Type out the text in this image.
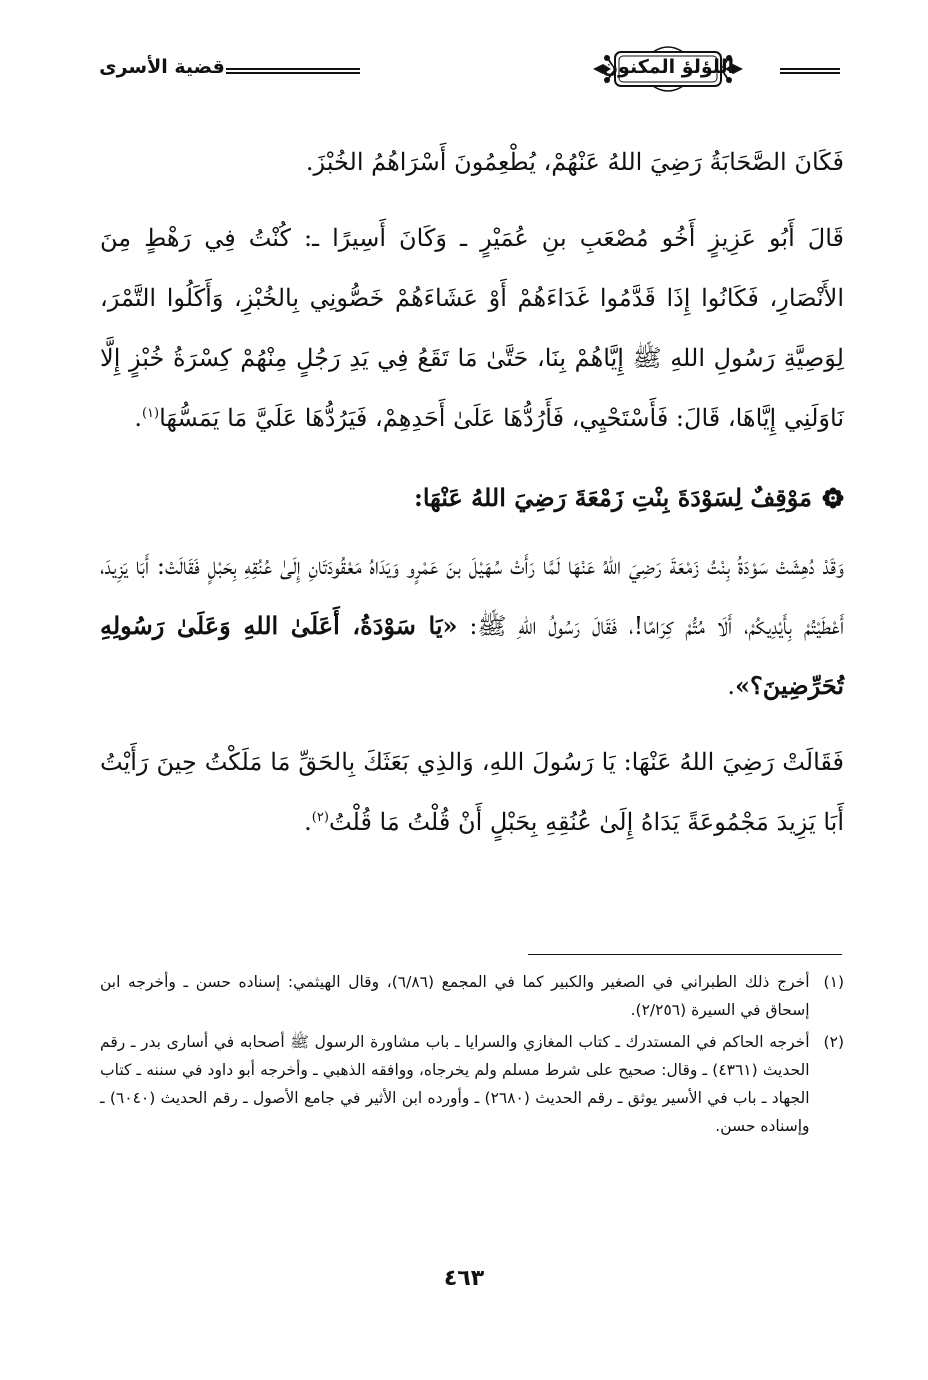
اللؤلؤ المكنون
قضية الأسرى

فَكَانَ الصَّحَابَةُ رَضِيَ اللهُ عَنْهُمْ، يُطْعِمُونَ أَسْرَاهُمُ الخُبْزَ.

قَالَ أَبُو عَزِيزٍ أَخُو مُصْعَبِ بنِ عُمَيْرٍ ـ وَكَانَ أَسِيرًا ـ: كُنْتُ فِي رَهْطٍ مِنَ الأَنْصَارِ، فَكَانُوا إِذَا قَدَّمُوا غَدَاءَهُمْ أَوْ عَشَاءَهُمْ خَصُّونِي بِالخُبْزِ، وَأَكَلُوا التَّمْرَ، لِوَصِيَّةِ رَسُولِ اللهِ ﷺ إِيَّاهُمْ بِنَا، حَتَّىٰ مَا تَقَعُ فِي يَدِ رَجُلٍ مِنْهُمْ كِسْرَةُ خُبْزٍ إِلَّا نَاوَلَنِي إِيَّاهَا، قَالَ: فَأَسْتَحْيِي، فَأَرُدُّهَا عَلَىٰ أَحَدِهِمْ، فَيَرُدُّهَا عَلَيَّ مَا يَمَسُّهَا$^{(١)}$.

مَوْقِفٌ لِسَوْدَةَ بِنْتِ زَمْعَةَ رَضِيَ اللهُ عَنْهَا:

وَقَدْ دُهِشَتْ سَوْدَةُ بِنْتُ زَمْعَةَ رَضِيَ اللهُ عَنْهَا لَمَّا رَأَتْ سُهَيْلَ بنَ عَمْرٍو وَيَدَاهُ مَعْقُودَتَانِ إِلَىٰ عُنُقِهِ بِحَبْلٍ فَقَالَتْ: أَبَا يَزِيدَ، أَعْطَيْتُمْ بِأَيْدِيكُمْ، أَلَا مُتُّمْ كِرَامًا!، فَقَالَ رَسُولُ اللهِ ﷺ: «يَا سَوْدَةُ، أَعَلَىٰ اللهِ وَعَلَىٰ رَسُولِهِ تُحَرِّضِينَ؟».

فَقَالَتْ رَضِيَ اللهُ عَنْهَا: يَا رَسُولَ اللهِ، وَالذِي بَعَثَكَ بِالحَقِّ مَا مَلَكْتُ حِينَ رَأَيْتُ أَبَا يَزِيدَ مَجْمُوعَةً يَدَاهُ إِلَىٰ عُنُقِهِ بِحَبْلٍ أَنْ قُلْتُ مَا قُلْتُ$^{(٢)}$.

(١)
أخرج ذلك الطبراني في الصغير والكبير كما في المجمع (٦/٨٦)، وقال الهيثمي: إسناده حسن ـ وأخرجه ابن إسحاق في السيرة (٢/٢٥٦).
(٢)
أخرجه الحاكم في المستدرك ـ كتاب المغازي والسرايا ـ باب مشاورة الرسول ﷺ أصحابه في أسارى بدر ـ رقم الحديث (٤٣٦١) ـ وقال: صحيح على شرط مسلم ولم يخرجاه، ووافقه الذهبي ـ وأخرجه أبو داود في سننه ـ كتاب الجهاد ـ باب في الأسير يوثق ـ رقم الحديث (٢٦٨٠) ـ وأورده ابن الأثير في جامع الأصول ـ رقم الحديث (٦٠٤٠) ـ وإسناده حسن.
٤٦٣
